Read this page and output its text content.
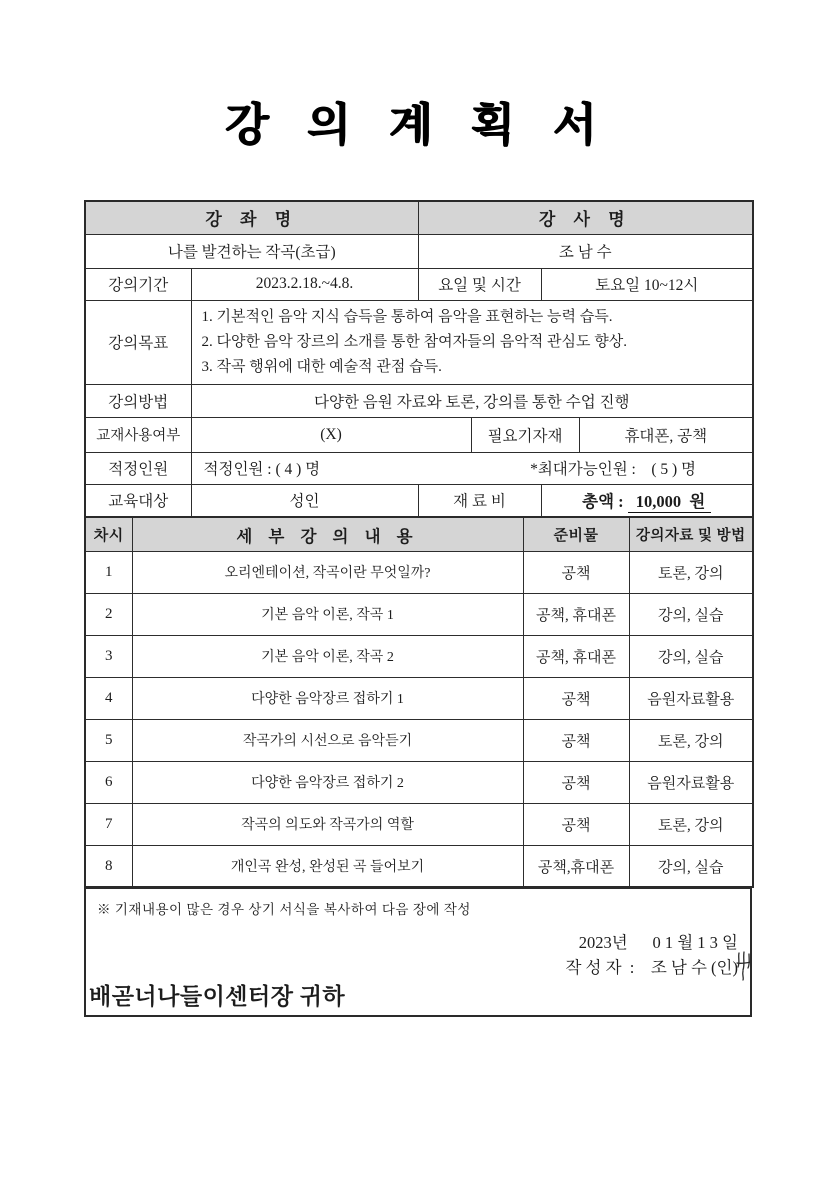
강 의 계 획 서
강 좌 명		강 사 명			
나를 발견하는 작곡(초급)		조 남 수			
강의기간	2023.2.18.~4.8.	요일 및 시간		토요일 10~12시	
강의목표	1. 기본적인 음악 지식 습득을 통하여 음악을 표현하는 능력 습득.
2. 다양한 음악 장르의 소개를 통한 참여자들의 음악적 관심도 향상.
3. 작곡 행위에 대한 예술적 관점 습득.				

강의방법	다양한 음원 자료와 토론, 강의를 통한 수업 진행				
교재사용여부	(X)		필요기자재		휴대폰, 공책
적정인원	적정인원 : ( 4 ) 명 *최대가능인원 :    ( 5 ) 명				

교육대상	성인	재 료 비		총액 : 10,000  원	
차시	세 부 강 의 내 용	준비물	강의자료 및 방법
1	오리엔테이션, 작곡이란 무엇일까?	공책	토론, 강의
2	기본 음악 이론, 작곡 1	공책, 휴대폰	강의, 실습
3	기본 음악 이론, 작곡 2	공책, 휴대폰	강의, 실습
4	다양한 음악장르 접하기 1	공책	음원자료활용
5	작곡가의 시선으로 음악듣기	공책	토론, 강의
6	다양한 음악장르 접하기 2	공책	음원자료활용
7	작곡의 의도와 작곡가의 역할	공책	토론, 강의
8	개인곡 완성, 완성된 곡 들어보기	공책,휴대폰	강의, 실습
※ 기재내용이 많은 경우 상기 서식을 복사하여 다음 장에 작성
2023년      0 1 월 1 3 일
작 성 자  :    조 남 수 (인)
배곧너나들이센터장 귀하
